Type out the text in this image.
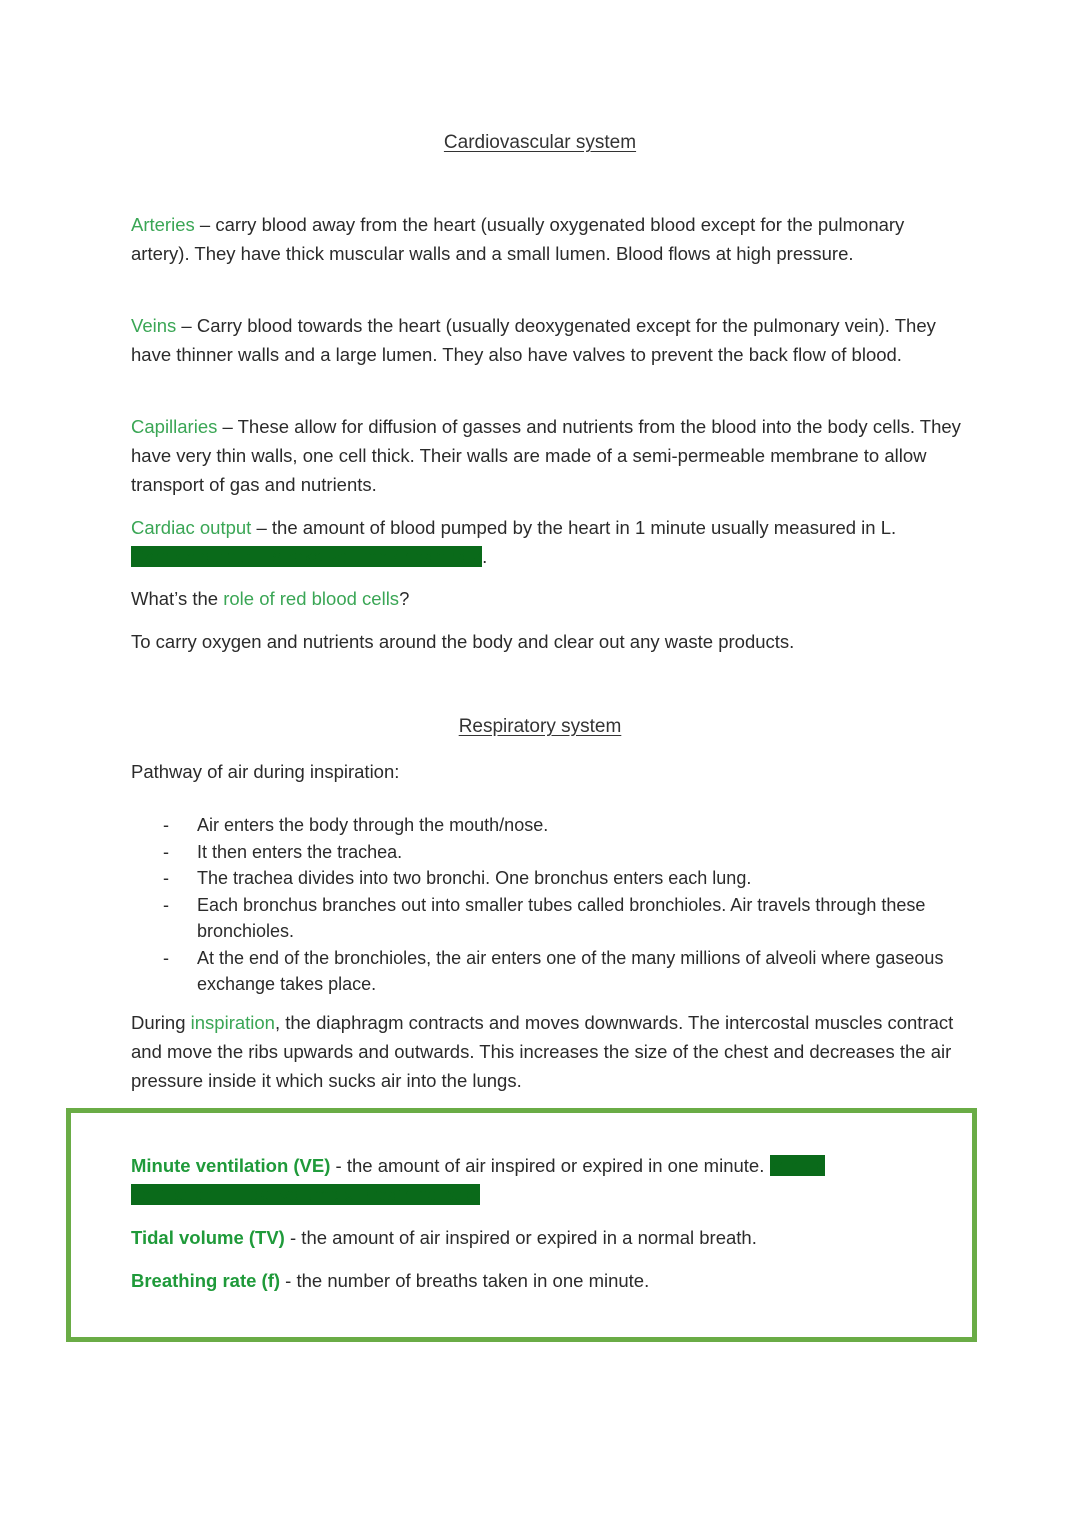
Cardiovascular system

Arteries – carry blood away from the heart (usually oxygenated blood except for the pulmonary artery). They have thick muscular walls and a small lumen. Blood flows at high pressure.

Veins – Carry blood towards the heart (usually deoxygenated except for the pulmonary vein). They have thinner walls and a large lumen. They also have valves to prevent the back flow of blood.

Capillaries – These allow for diffusion of gasses and nutrients from the blood into the body cells. They have very thin walls, one cell thick. Their walls are made of a semi-permeable membrane to allow transport of gas and nutrients.

Cardiac output – the amount of blood pumped by the heart in 1 minute usually measured in L. Cardiac output = stroke volume / heart rate.

What’s the role of red blood cells?

To carry oxygen and nutrients around the body and clear out any waste products.

Respiratory system

Pathway of air during inspiration:

- Air enters the body through the mouth/nose.
- It then enters the trachea.
- The trachea divides into two bronchi. One bronchus enters each lung.
- Each bronchus branches out into smaller tubes called bronchioles. Air travels through these bronchioles.
- At the end of the bronchioles, the air enters one of the many millions of alveoli where gaseous exchange takes place.

During inspiration, the diaphragm contracts and moves downwards. The intercostal muscles contract and move the ribs upwards and outwards. This increases the size of the chest and decreases the air pressure inside it which sucks air into the lungs.

Minute ventilation (VE) - the amount of air inspired or expired in one minute. Minute ventilation = Tidal volume x Breathing rate.

Tidal volume (TV) - the amount of air inspired or expired in a normal breath.

Breathing rate (f) - the number of breaths taken in one minute.
